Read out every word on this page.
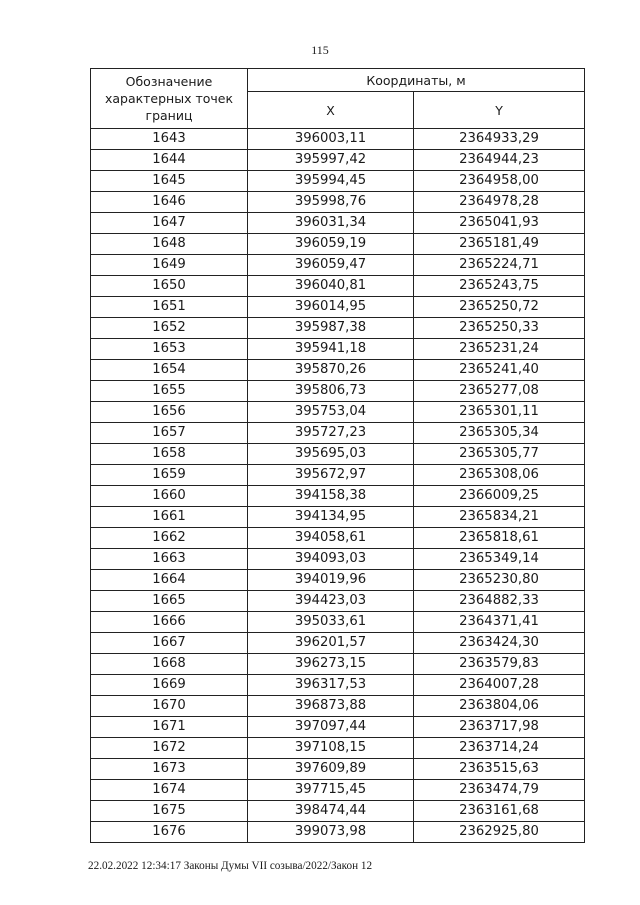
115
Обозначение характерных точек границ	Координаты, м	
	X	Y
1643	396003,11	2364933,29
1644	395997,42	2364944,23
1645	395994,45	2364958,00
1646	395998,76	2364978,28
1647	396031,34	2365041,93
1648	396059,19	2365181,49
1649	396059,47	2365224,71
1650	396040,81	2365243,75
1651	396014,95	2365250,72
1652	395987,38	2365250,33
1653	395941,18	2365231,24
1654	395870,26	2365241,40
1655	395806,73	2365277,08
1656	395753,04	2365301,11
1657	395727,23	2365305,34
1658	395695,03	2365305,77
1659	395672,97	2365308,06
1660	394158,38	2366009,25
1661	394134,95	2365834,21
1662	394058,61	2365818,61
1663	394093,03	2365349,14
1664	394019,96	2365230,80
1665	394423,03	2364882,33
1666	395033,61	2364371,41
1667	396201,57	2363424,30
1668	396273,15	2363579,83
1669	396317,53	2364007,28
1670	396873,88	2363804,06
1671	397097,44	2363717,98
1672	397108,15	2363714,24
1673	397609,89	2363515,63
1674	397715,45	2363474,79
1675	398474,44	2363161,68
1676	399073,98	2362925,80
22.02.2022 12:34:17 Законы Думы VII созыва/2022/Закон 12
